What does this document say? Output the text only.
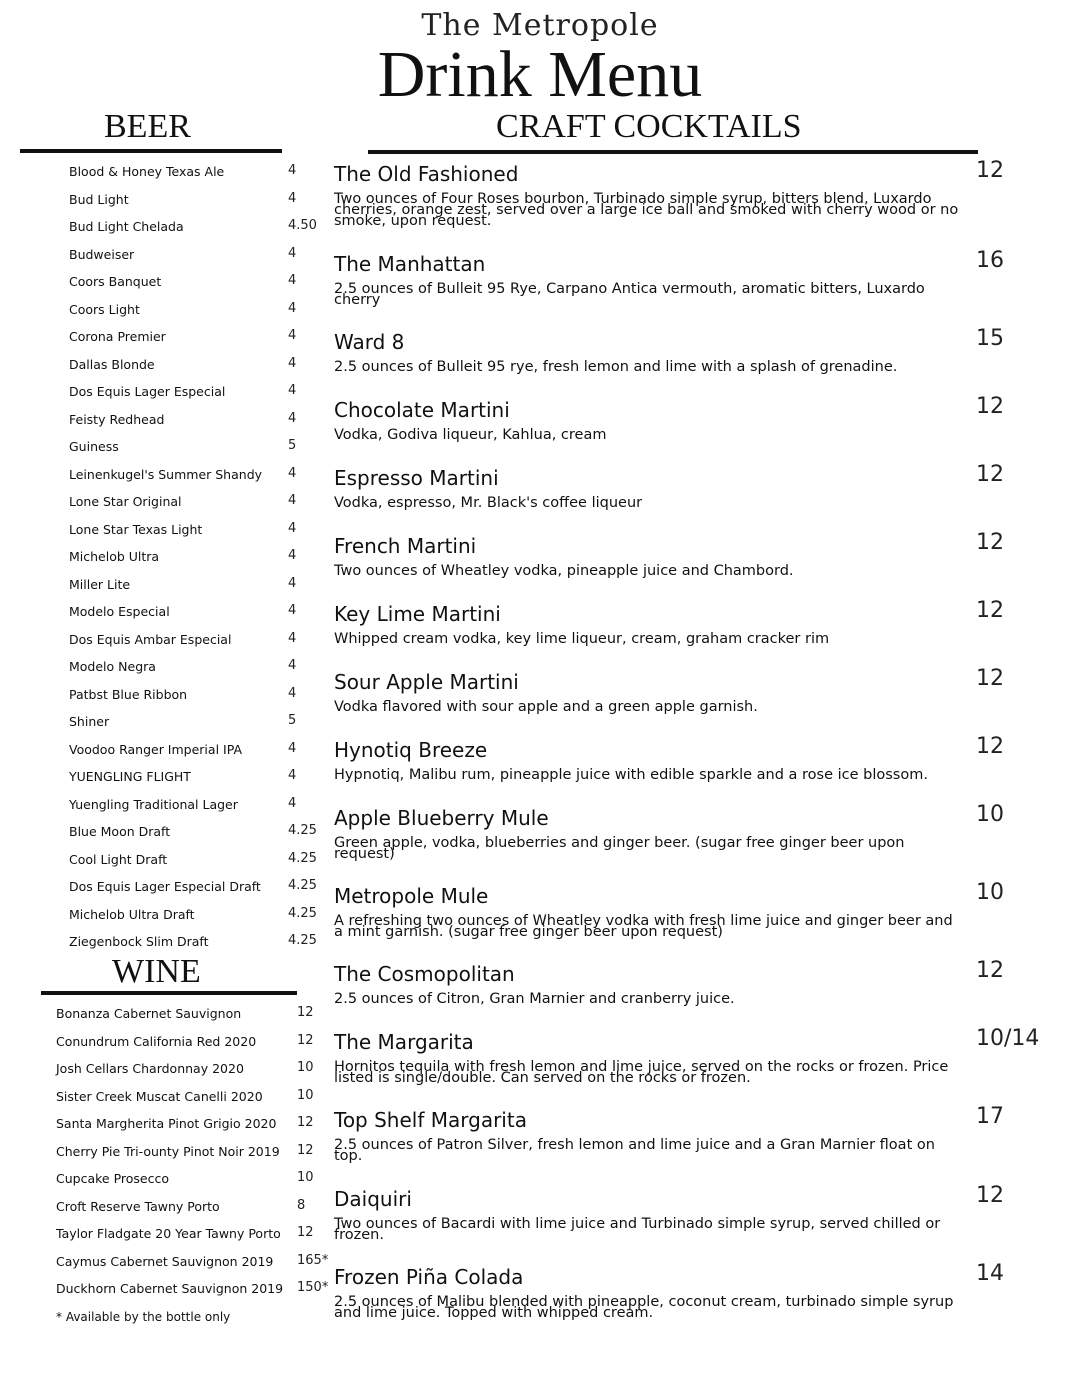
The Metropole
Drink Menu
BEER	CRAFT COCKTAILS
Blood & Honey Texas Ale	4
Bud Light	4
Bud Light Chelada	4.50
Budweiser	4
Coors Banquet	4
Coors Light	4
Corona Premier	4
Dallas Blonde	4
Dos Equis Lager Especial	4
Feisty Redhead	4
Guiness	5
Leinenkugel's Summer Shandy 4
Lone Star Original	4
Lone Star Texas Light	4
Michelob Ultra	4
Miller Lite	4
Modelo Especial	4
Dos Equis Ambar Especial	4
Modelo Negra	4
Patbst Blue Ribbon	4
Shiner	5
Voodoo Ranger Imperial IPA	4
YUENGLING FLIGHT	4
Yuengling Traditional Lager	4
Blue Moon Draft	4.25
Cool Light Draft	4.25
Dos Equis Lager Especial Draft 4.25
Michelob Ultra Draft	4.25
Ziegenbock Slim Draft	4.25
WINE
Bonanza Cabernet Sauvignon	12
Conundrum California Red 2020	12
Josh Cellars Chardonnay 2020	10
Sister Creek Muscat Canelli 2020	10
Santa Margherita Pinot Grigio 2020 12
Cherry Pie Tri-ounty Pinot Noir 2019 12
Cupcake Prosecco	10
Croft Reserve Tawny Porto	8
Taylor Fladgate 20 Year Tawny Porto 12
Caymus Cabernet Sauvignon 2019 165*
Duckhorn Cabernet Sauvignon 2019 150*
* Available by the bottle only
The Old Fashioned
Two ounces of Four Roses bourbon, Turbinado simple syrup, bitters blend, Luxardo cherries, orange zest, served over a large ice ball and smoked with cherry wood or no smoke, upon request.
12
The Manhattan
2.5 ounces of Bulleit 95 Rye, Carpano Antica vermouth, aromatic bitters, Luxardo cherry
16
Ward 8
2.5 ounces of Bulleit 95 rye, fresh lemon and lime with a splash of grenadine.
15
Chocolate Martini
Vodka, Godiva liqueur, Kahlua, cream
12
Espresso Martini
Vodka, espresso, Mr. Black's coffee liqueur
12
French Martini
Two ounces of Wheatley vodka, pineapple juice and Chambord.
12
Key Lime Martini
Whipped cream vodka, key lime liqueur, cream, graham cracker rim
12
Sour Apple Martini
Vodka flavored with sour apple and a green apple garnish.
12
Hynotiq Breeze
Hypnotiq, Malibu rum, pineapple juice with edible sparkle and a rose ice blossom.
12
Apple Blueberry Mule
Green apple, vodka, blueberries and ginger beer. (sugar free ginger beer upon request)
10
Metropole Mule
A refreshing two ounces of Wheatley vodka with fresh lime juice and ginger beer and a mint garnish. (sugar free ginger beer upon request)
10
The Cosmopolitan
2.5 ounces of Citron, Gran Marnier and cranberry juice.
12
The Margarita
Hornitos tequila with fresh lemon and lime juice, served on the rocks or frozen. Price listed is single/double. Can served on the rocks or frozen.
10/14
Top Shelf Margarita
2.5 ounces of Patron Silver, fresh lemon and lime juice and a Gran Marnier float on top.
17
Daiquiri
Two ounces of Bacardi with lime juice and Turbinado simple syrup, served chilled or frozen.
12
Frozen Piña Colada
2.5 ounces of Malibu blended with pineapple, coconut cream, turbinado simple syrup and lime juice. Topped with whipped cream.
14
